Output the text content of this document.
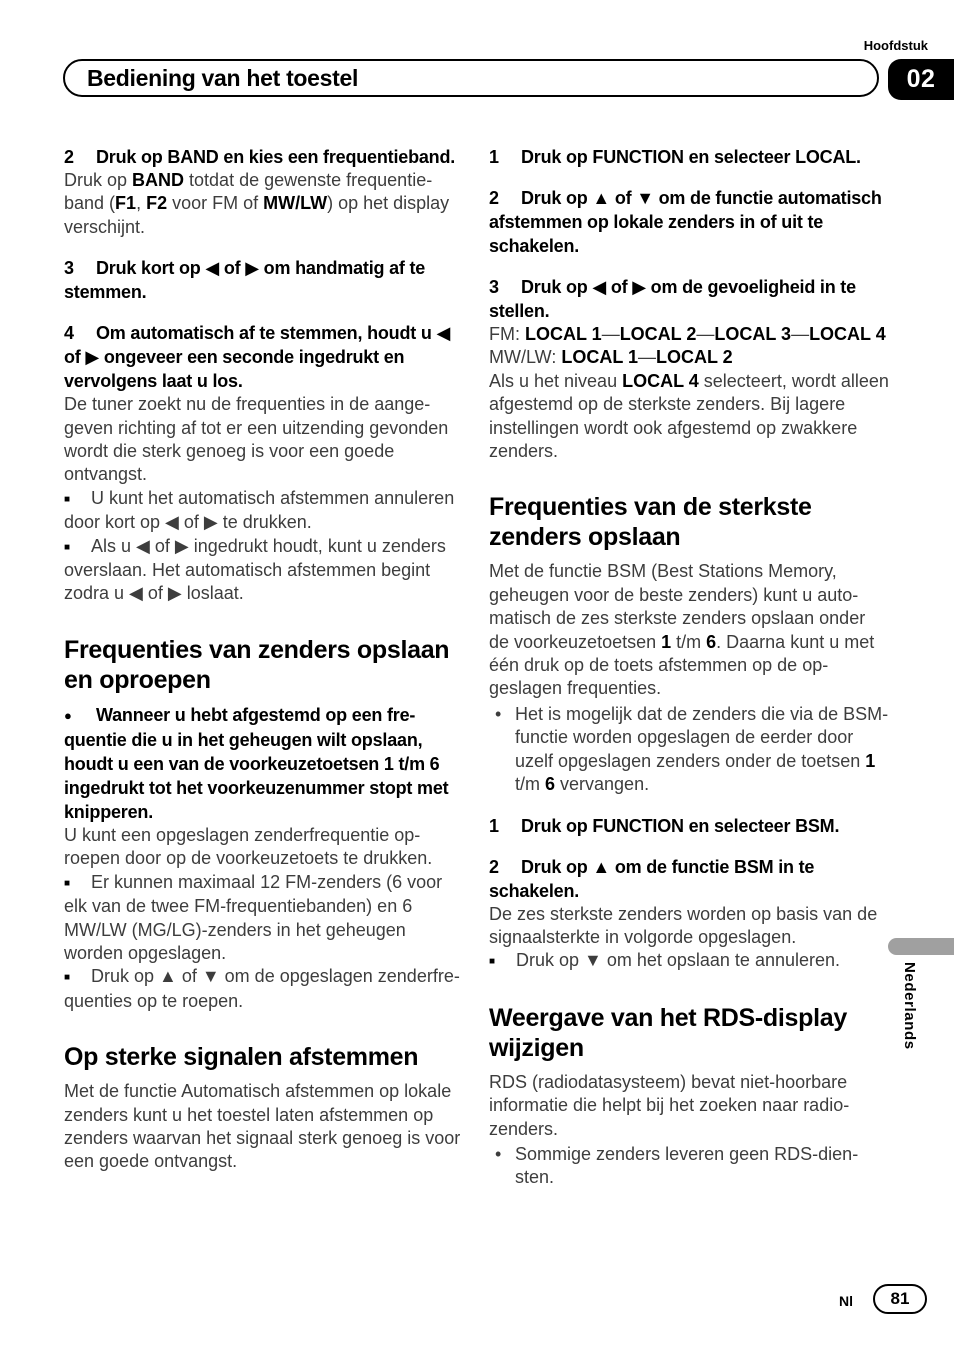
Hoofdstuk
Bediening van het toestel	02
2 Druk op BAND en kies een frequentieband.
Druk op BAND totdat de gewenste frequentieband (F1, F2 voor FM of MW/LW) op het display verschijnt.
3 Druk kort op ◀ of ▶ om handmatig af te stemmen.
4 Om automatisch af te stemmen, houdt u ◀ of ▶ ongeveer een seconde ingedrukt en vervolgens laat u los.
De tuner zoekt nu de frequenties in de aangegeven richting af tot er een uitzending gevonden wordt die sterk genoeg is voor een goede ontvangst.
■ U kunt het automatisch afstemmen annuleren door kort op ◀ of ▶ te drukken.
■ Als u ◀ of ▶ ingedrukt houdt, kunt u zenders overslaan. Het automatisch afstemmen begint zodra u ◀ of ▶ loslaat.
Frequenties van zenders opslaan en oproepen
● Wanneer u hebt afgestemd op een frequentie die u in het geheugen wilt opslaan, houdt u een van de voorkeuzetoetsen 1 t/m 6 ingedrukt tot het voorkeuzenummer stopt met knipperen.
U kunt een opgeslagen zenderfrequentie oproepen door op de voorkeuzetoets te drukken.
■ Er kunnen maximaal 12 FM-zenders (6 voor elk van de twee FM-frequentiebanden) en 6 MW/LW (MG/LG)-zenders in het geheugen worden opgeslagen.
■ Druk op ▲ of ▼ om de opgeslagen zenderfrequenties op te roepen.
Op sterke signalen afstemmen
Met de functie Automatisch afstemmen op lokale zenders kunt u het toestel laten afstemmen op zenders waarvan het signaal sterk genoeg is voor een goede ontvangst.
1 Druk op FUNCTION en selecteer LOCAL.
2 Druk op ▲ of ▼ om de functie automatisch afstemmen op lokale zenders in of uit te schakelen.
3 Druk op ◀ of ▶ om de gevoeligheid in te stellen.
FM: LOCAL 1—LOCAL 2—LOCAL 3—LOCAL 4
MW/LW: LOCAL 1—LOCAL 2
Als u het niveau LOCAL 4 selecteert, wordt alleen afgestemd op de sterkste zenders. Bij lagere instellingen wordt ook afgestemd op zwakkere zenders.
Frequenties van de sterkste zenders opslaan
Met de functie BSM (Best Stations Memory, geheugen voor de beste zenders) kunt u automatisch de zes sterkste zenders opslaan onder de voorkeuzetoetsen 1 t/m 6. Daarna kunt u met één druk op de toets afstemmen op de opgeslagen frequenties.
• Het is mogelijk dat de zenders die via de BSM-functie worden opgeslagen de eerder door uzelf opgeslagen zenders onder de toetsen 1 t/m 6 vervangen.
1 Druk op FUNCTION en selecteer BSM.
2 Druk op ▲ om de functie BSM in te schakelen.
De zes sterkste zenders worden op basis van de signaalsterkte in volgorde opgeslagen.
■ Druk op ▼ om het opslaan te annuleren.
Weergave van het RDS-display wijzigen
RDS (radiodatasysteem) bevat niet-hoorbare informatie die helpt bij het zoeken naar radiozenders.
• Sommige zenders leveren geen RDS-diensten.
Nederlands
Nl 81
